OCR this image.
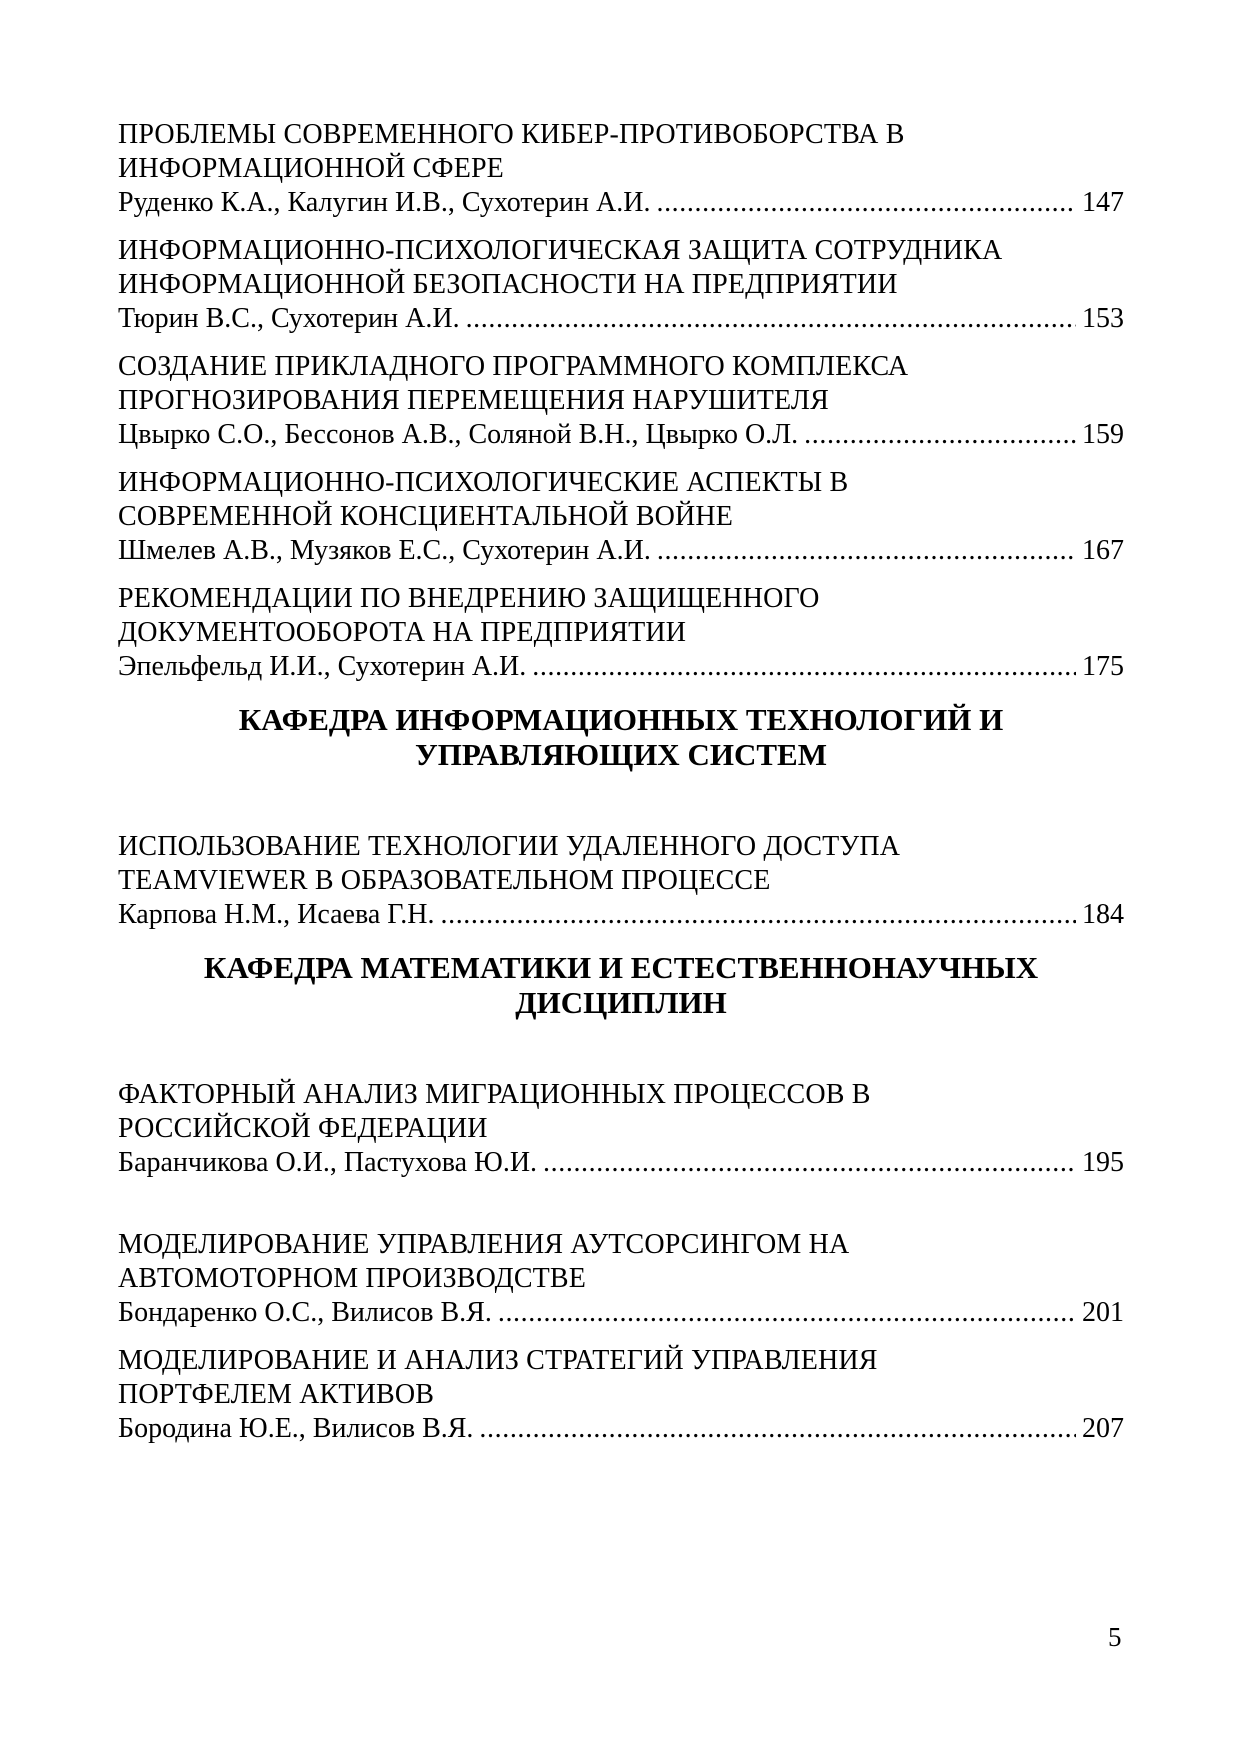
ПРОБЛЕМЫ СОВРЕМЕННОГО КИБЕР-ПРОТИВОБОРСТВА В
ИНФОРМАЦИОННОЙ СФЕРЕ
Руденко К.А., Калугин И.В., Сухотерин А.И. . . .	147
ИНФОРМАЦИОННО-ПСИХОЛОГИЧЕСКАЯ ЗАЩИТА СОТРУДНИКА
ИНФОРМАЦИОННОЙ БЕЗОПАСНОСТИ НА ПРЕДПРИЯТИИ
Тюрин В.С., Сухотерин А.И. . . .	153
СОЗДАНИЕ ПРИКЛАДНОГО ПРОГРАММНОГО КОМПЛЕКСА
ПРОГНОЗИРОВАНИЯ ПЕРЕМЕЩЕНИЯ НАРУШИТЕЛЯ
Цвырко С.О., Бессонов А.В., Соляной В.Н., Цвырко О.Л. . . .	159
ИНФОРМАЦИОННО-ПСИХОЛОГИЧЕСКИЕ АСПЕКТЫ В
СОВРЕМЕННОЙ КОНСЦИЕНТАЛЬНОЙ ВОЙНЕ
Шмелев А.В., Музяков Е.С., Сухотерин А.И. . . .	167
РЕКОМЕНДАЦИИ ПО ВНЕДРЕНИЮ ЗАЩИЩЕННОГО
ДОКУМЕНТООБОРОТА НА ПРЕДПРИЯТИИ
Эпельфельд И.И., Сухотерин А.И. . . .	175
КАФЕДРА ИНФОРМАЦИОННЫХ ТЕХНОЛОГИЙ И
УПРАВЛЯЮЩИХ СИСТЕМ
ИСПОЛЬЗОВАНИЕ ТЕХНОЛОГИИ УДАЛЕННОГО ДОСТУПА
TEAMVIEWER В ОБРАЗОВАТЕЛЬНОМ ПРОЦЕССЕ
Карпова Н.М., Исаева Г.Н. . . .	184
КАФЕДРА МАТЕМАТИКИ И ЕСТЕСТВЕННОНАУЧНЫХ
ДИСЦИПЛИН
ФАКТОРНЫЙ АНАЛИЗ МИГРАЦИОННЫХ ПРОЦЕССОВ В
РОССИЙСКОЙ ФЕДЕРАЦИИ
Баранчикова О.И., Пастухова Ю.И. . . .	195
МОДЕЛИРОВАНИЕ УПРАВЛЕНИЯ АУТСОРСИНГОМ НА
АВТОМОТОРНОМ ПРОИЗВОДСТВЕ
Бондаренко О.С., Вилисов В.Я. . . .	201
МОДЕЛИРОВАНИЕ И АНАЛИЗ СТРАТЕГИЙ УПРАВЛЕНИЯ
ПОРТФЕЛЕМ АКТИВОВ
Бородина Ю.Е., Вилисов В.Я. . . .	207
5
